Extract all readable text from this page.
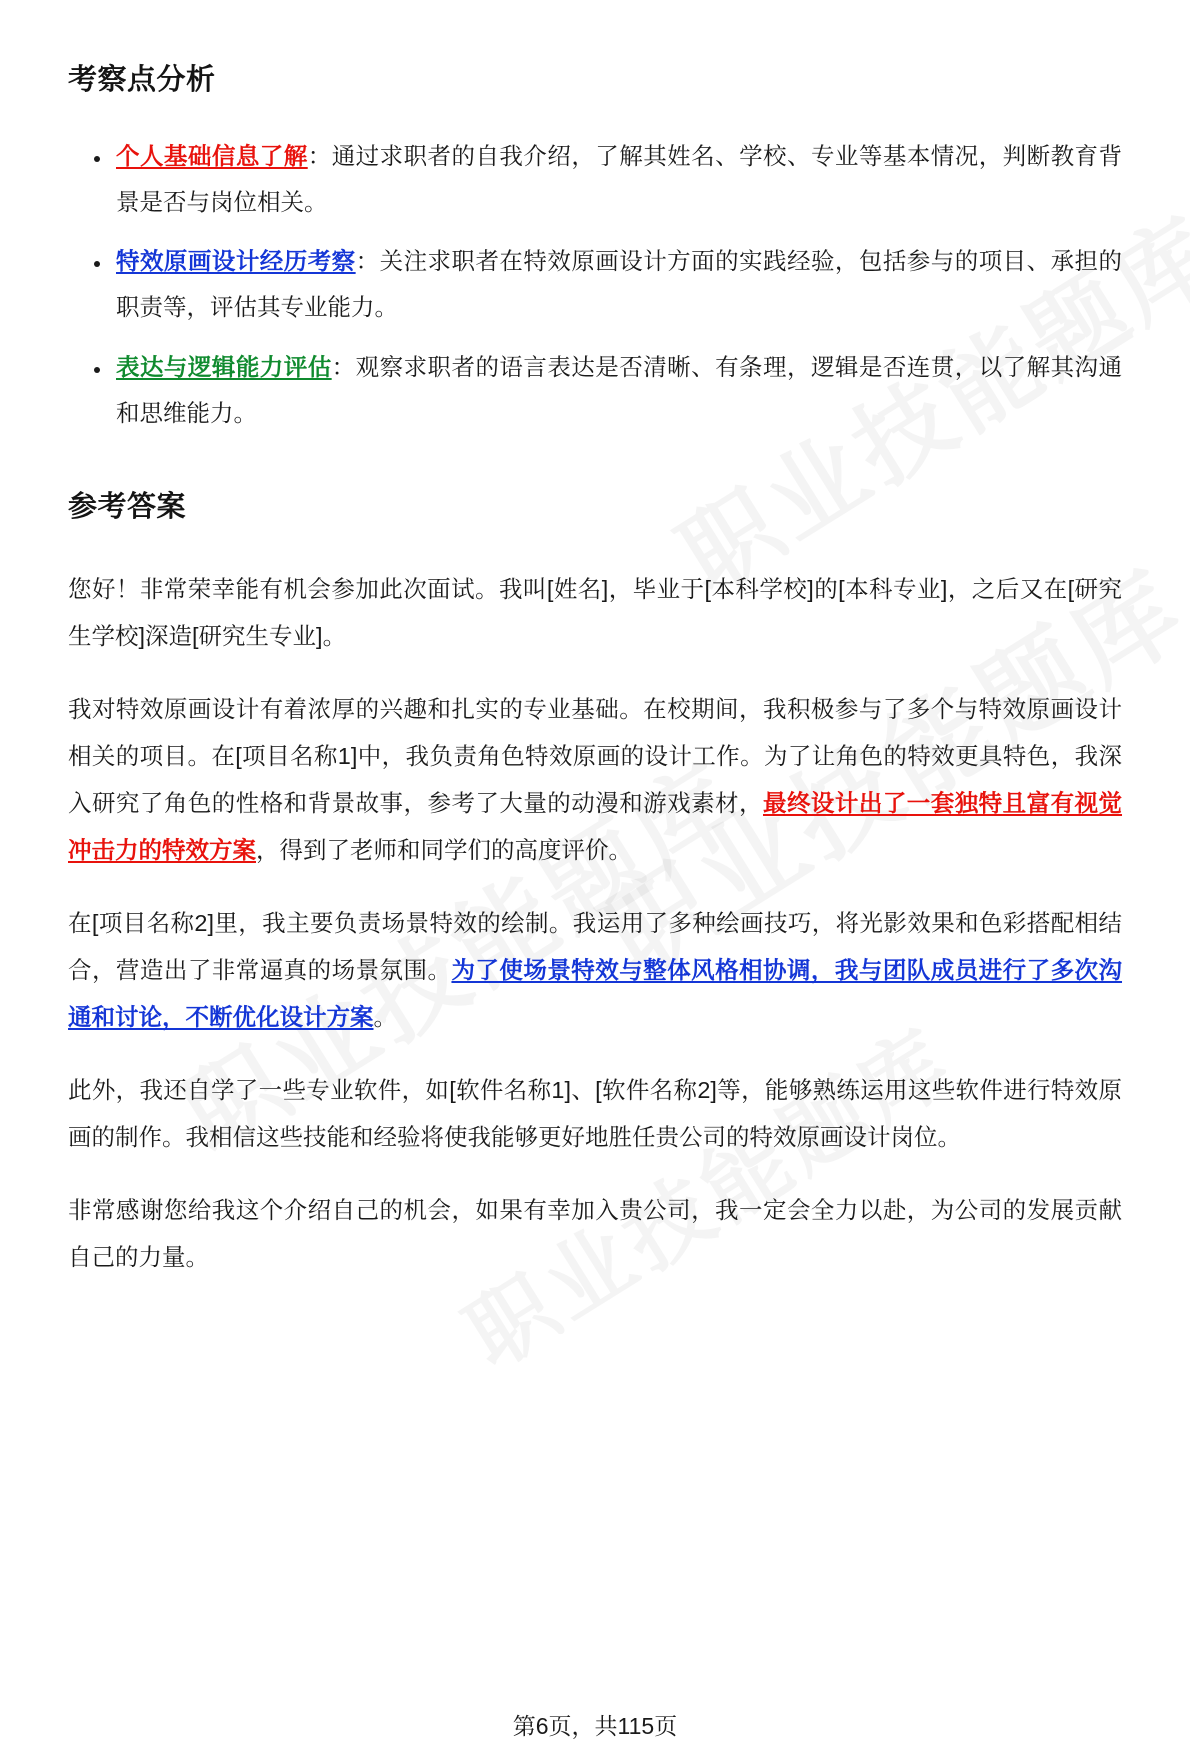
考察点分析
个人基础信息了解：通过求职者的自我介绍，了解其姓名、学校、专业等基本情况，判断教育背景是否与岗位相关。
特效原画设计经历考察：关注求职者在特效原画设计方面的实践经验，包括参与的项目、承担的职责等，评估其专业能力。
表达与逻辑能力评估：观察求职者的语言表达是否清晰、有条理，逻辑是否连贯，以了解其沟通和思维能力。
参考答案

您好！非常荣幸能有机会参加此次面试。我叫[姓名]，毕业于[本科学校]的[本科专业]，之后又在[研究生学校]深造[研究生专业]。

我对特效原画设计有着浓厚的兴趣和扎实的专业基础。在校期间，我积极参与了多个与特效原画设计相关的项目。在[项目名称1]中，我负责角色特效原画的设计工作。为了让角色的特效更具特色，我深入研究了角色的性格和背景故事，参考了大量的动漫和游戏素材，最终设计出了一套独特且富有视觉冲击力的特效方案，得到了老师和同学们的高度评价。

在[项目名称2]里，我主要负责场景特效的绘制。我运用了多种绘画技巧，将光影效果和色彩搭配相结合，营造出了非常逼真的场景氛围。为了使场景特效与整体风格相协调，我与团队成员进行了多次沟通和讨论，不断优化设计方案。

此外，我还自学了一些专业软件，如[软件名称1]、[软件名称2]等，能够熟练运用这些软件进行特效原画的制作。我相信这些技能和经验将使我能够更好地胜任贵公司的特效原画设计岗位。

非常感谢您给我这个介绍自己的机会，如果有幸加入贵公司，我一定会全力以赴，为公司的发展贡献自己的力量。

第6页，共115页
